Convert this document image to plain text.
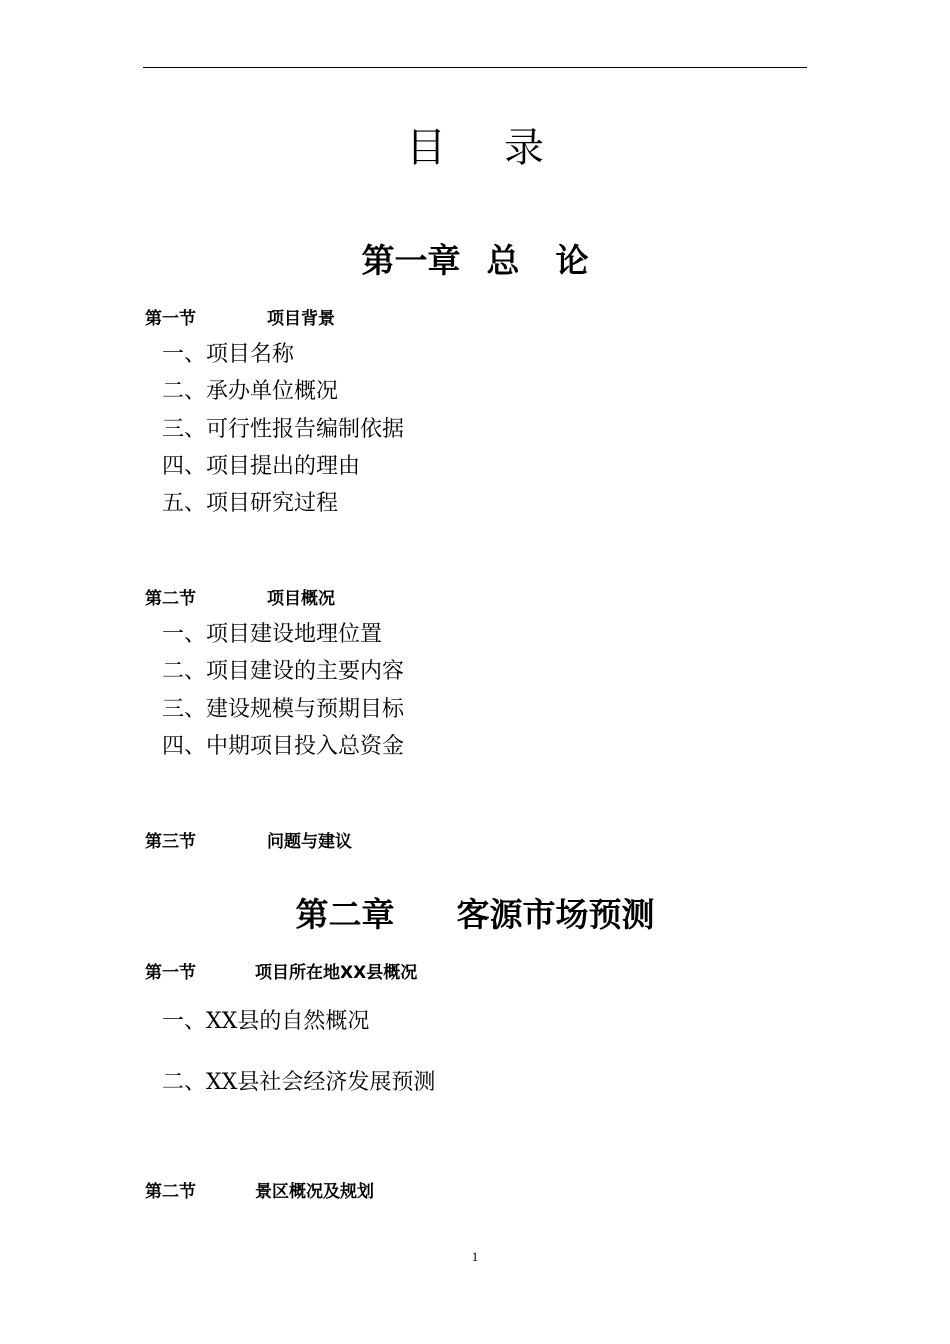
目 录
第一章 总 论
第一节	项目背景
一、项目名称
二、承办单位概况
三、可行性报告编制依据
四、项目提出的理由
五、项目研究过程
第二节	项目概况
一、项目建设地理位置
二、项目建设的主要内容
三、建设规模与预期目标
四、中期项目投入总资金
第三节	问题与建议
第二章 客源市场预测
第一节	项目所在地XX县概况
一、XX县的自然概况
二、XX县社会经济发展预测
第二节	景区概况及规划
1
